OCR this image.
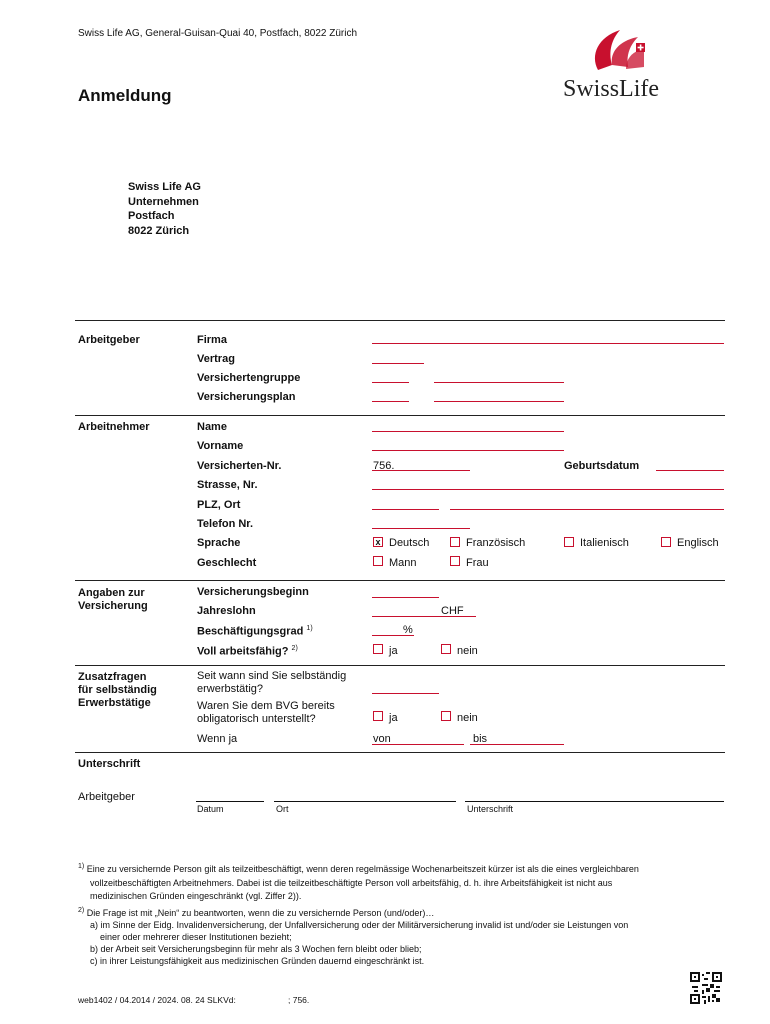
Swiss Life AG, General-Guisan-Quai 40, Postfach, 8022 Zürich
Anmeldung	SwissLife
Swiss Life AG
Unternehmen
Postfach
8022 Zürich
Arbeitgeber	Firma
Vertrag
Versichertengruppe
Versicherungsplan
Arbeitnehmer	Name
Vorname
Versicherten-Nr.	756.	Geburtsdatum
Strasse, Nr.
PLZ, Ort
Telefon Nr.
Sprache	x Deutsch	Französisch	Italienisch	Englisch
Geschlecht	Mann	Frau
Angaben zur
Versicherung
Versicherungsbeginn
Jahreslohn	CHF
Beschäftigungsgrad $^{1)}$	%
Voll arbeitsfähig? $^{2)}$	ja	nein
Zusatzfragen
für selbständig
Erwerbstätige
Seit wann sind Sie selbständig
erwerbstätig?
Waren Sie dem BVG bereits
obligatorisch unterstellt?	ja	nein
Wenn ja	von	bis
Unterschrift
Arbeitgeber
Datum	Ort	Unterschrift
$^{1)}$ Eine zu versichernde Person gilt als teilzeitbeschäftigt, wenn deren regelmässige Wochenarbeitszeit kürzer ist als die eines vergleichbaren
vollzeitbeschäftigten Arbeitnehmers. Dabei ist die teilzeitbeschäftigte Person voll arbeitsfähig, d. h. ihre Arbeitsfähigkeit ist nicht aus
medizinischen Gründen eingeschränkt (vgl. Ziffer 2)).
$^{2)}$ Die Frage ist mit „Nein“ zu beantworten, wenn die zu versichernde Person (und/oder)…
a) im Sinne der Eidg. Invalidenversicherung, der Unfallversicherung oder der Militärversicherung invalid ist und/oder sie Leistungen von
einer oder mehrerer dieser Institutionen bezieht;
b) der Arbeit seit Versicherungsbeginn für mehr als 3 Wochen fern bleibt oder blieb;
c) in ihrer Leistungsfähigkeit aus medizinischen Gründen dauernd eingeschränkt ist.
web1402 / 04.2014 / 2024. 08. 24 SLKVd:	; 756.
